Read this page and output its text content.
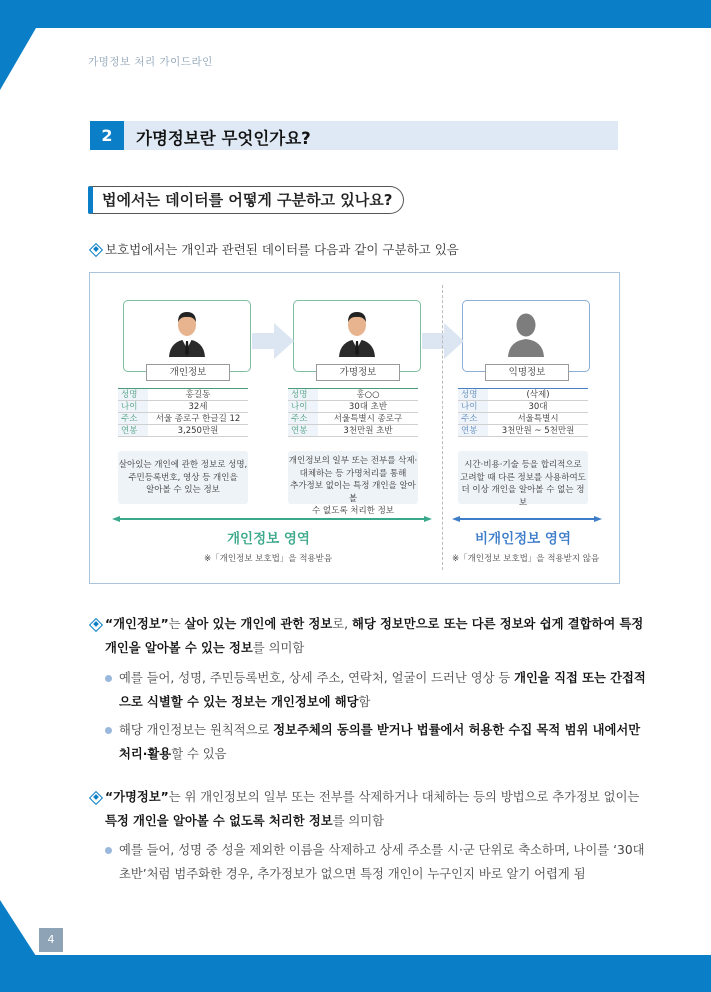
가명정보 처리 가이드라인
2	가명정보란 무엇인가요?
법에서는 데이터를 어떻게 구분하고 있나요?
보호법에서는 개인과 관련된 데이터를 다음과 같이 구분하고 있음
개인정보	가명정보	익명정보
성명	홍길동
나이	32세
주소	서울 종로구 한글길 12
연봉	3,250만원
성명	홍○○
나이	30대 초반
주소	서울특별시 종로구
연봉	3천만원 초반
성명	(삭제)
나이	30대
주소	서울특별시
연봉	3천만원 ~ 5천만원
살아있는 개인에 관한 정보로 성명,
주민등록번호, 영상 등 개인을
알아볼 수 있는 정보
개인정보의 일부 또는 전부를 삭제·
대체하는 등 가명처리를 통해
추가정보 없이는 특정 개인을 알아볼
수 없도록 처리한 정보
시간·비용·기술 등을 합리적으로
고려할 때 다른 정보를 사용하여도
더 이상 개인을 알아볼 수 없는 정보
개인정보 영역	비개인정보 영역
※「개인정보 보호법」을 적용받음	※「개인정보 보호법」을 적용받지 않음
“개인정보”는 살아 있는 개인에 관한 정보로, 해당 정보만으로 또는 다른 정보와 쉽게 결합하여 특정
개인을 알아볼 수 있는 정보를 의미함
예를 들어, 성명, 주민등록번호, 상세 주소, 연락처, 얼굴이 드러난 영상 등 개인을 직접 또는 간접적
으로 식별할 수 있는 정보는 개인정보에 해당함
해당 개인정보는 원칙적으로 정보주체의 동의를 받거나 법률에서 허용한 수집 목적 범위 내에서만
처리·활용할 수 있음
“가명정보”는 위 개인정보의 일부 또는 전부를 삭제하거나 대체하는 등의 방법으로 추가정보 없이는
특정 개인을 알아볼 수 없도록 처리한 정보를 의미함
예를 들어, 성명 중 성을 제외한 이름을 삭제하고 상세 주소를 시·군 단위로 축소하며, 나이를 ‘30대
초반’처럼 범주화한 경우, 추가정보가 없으면 특정 개인이 누구인지 바로 알기 어렵게 됨
4
